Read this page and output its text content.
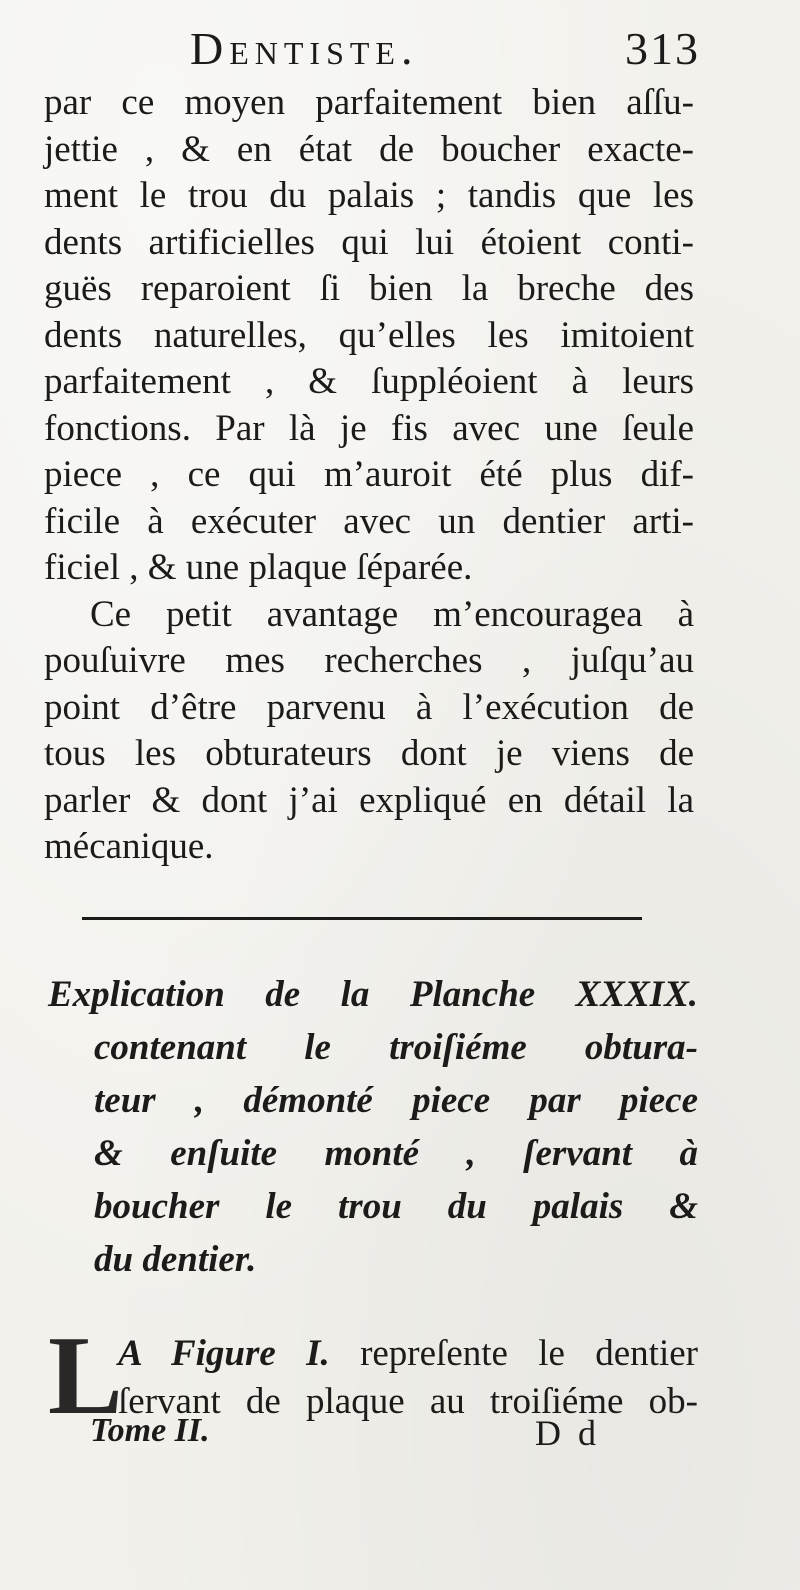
Dentiste.	313
par ce moyen parfaitement bien aſſu-
jettie , & en état de boucher exacte-
ment le trou du palais ; tandis que les
dents artificielles qui lui étoient conti-
guës reparoient ſi bien la breche des
dents naturelles, qu’elles les imitoient
parfaitement , & ſuppléoient à leurs
fonctions. Par là je fis avec une ſeule
piece , ce qui m’auroit été plus dif-
ficile à exécuter avec un dentier arti-
ficiel , & une plaque ſéparée.
Ce petit avantage m’encouragea à
pouſuivre mes recherches , juſqu’au
point d’être parvenu à l’exécution de
tous les obturateurs dont je viens de
parler & dont j’ai expliqué en détail la
mécanique.
Explication de la Planche XXXIX.
contenant le troiſiéme obtura-
teur , démonté piece par piece
& enſuite monté , ſervant à
boucher le trou du palais &
du dentier.
L
A Figure I. repreſente le dentier
ſervant de plaque au troiſiéme ob-
Tome II.	D d
